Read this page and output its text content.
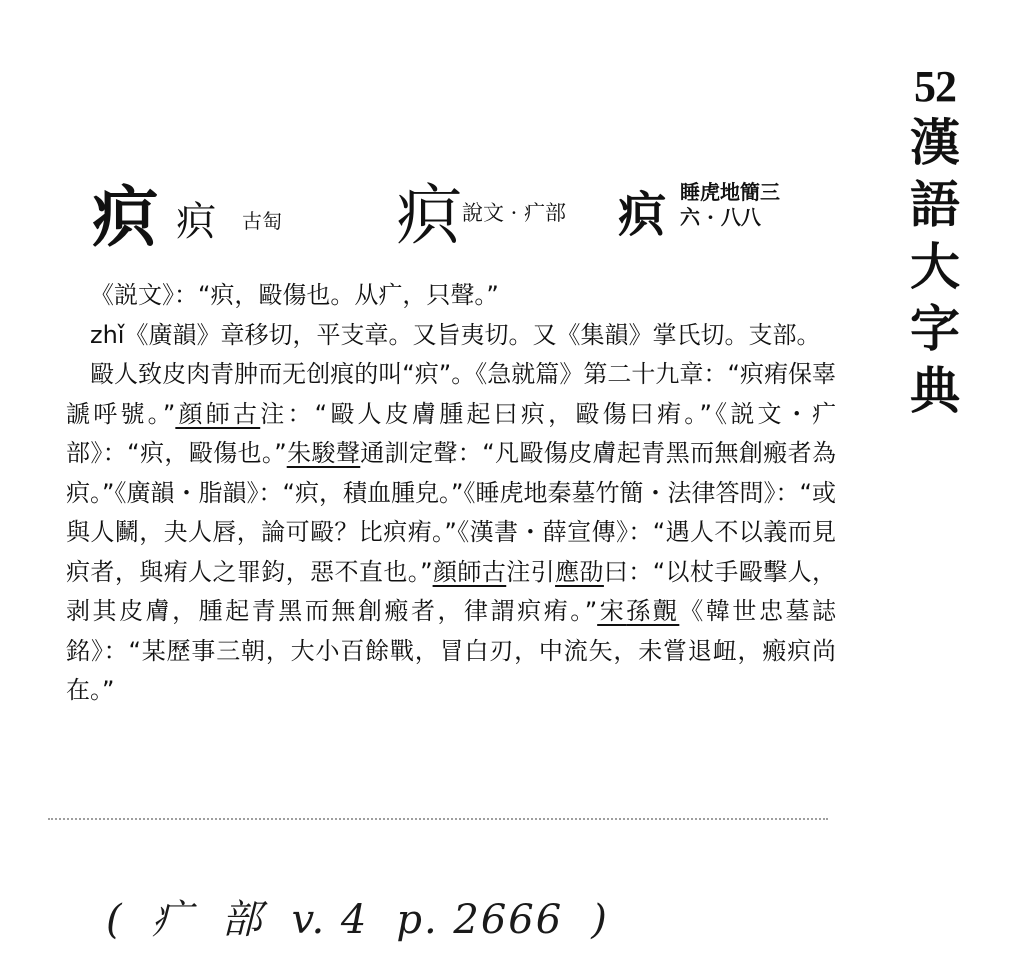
52
漢
語
大
字
典
疻 疻 古匋 疻 說文 · 疒部 疻 睡虎地簡三
六 · 八八

《説文》：“疻，毆傷也。从疒，只聲。”

zhǐ《廣韻》章移切，平支章。又旨夷切。又《集韻》掌氏切。支部。

毆人致皮肉青肿而无创痕的叫“疻”。《急就篇》第二十九章：“疻痏保辜謕呼號。”顔師古注：“毆人皮膚腫起曰疻，毆傷曰痏。”《説文・疒部》：“疻，毆傷也。”朱駿聲通訓定聲：“凡毆傷皮膚起青黑而無創瘢者為疻。”《廣韻・脂韻》：“疻，積血腫皃。”《睡虎地秦墓竹簡・法律答問》：“或與人鬭，夬人唇，論可毆？比疻痏。”《漢書・薛宣傳》：“遇人不以義而見疻者，與痏人之罪鈞，惡不直也。”顔師古注引應劭曰：“以杖手毆擊人，剥其皮膚，腫起青黑而無創瘢者，律謂疻痏。”宋孫覿《韓世忠墓誌銘》：“某歷事三朝，大小百餘戰，冒白刃，中流矢，未嘗退衄，瘢疻尚在。”

( 疒 部 v. 4 p. 2666 )
